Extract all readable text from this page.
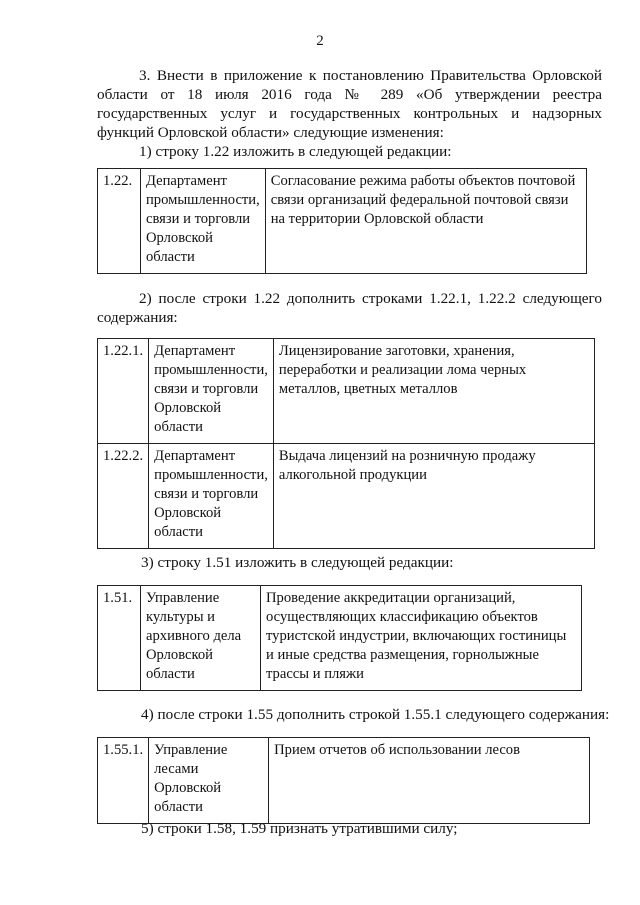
2
3. Внести в приложение к постановлению Правительства Орловской области от 18 июля 2016 года № 289 «Об утверждении реестра государственных услуг и государственных контрольных и надзорных функций Орловской области» следующие изменения:
1) строку 1.22 изложить в следующей редакции:
1.22.	Департамент промышленности, связи и торговли Орловской области	Согласование режима работы объектов почтовой связи организаций федеральной почтовой связи на территории Орловской области
2) после строки 1.22 дополнить строками 1.22.1, 1.22.2 следующего содержания:
1.22.1.	Департамент промышленности, связи и торговли Орловской области	Лицензирование заготовки, хранения, переработки и реализации лома черных металлов, цветных металлов
1.22.2.	Департамент промышленности, связи и торговли Орловской области	Выдача лицензий на розничную продажу алкогольной продукции
3) строку 1.51 изложить в следующей редакции:
1.51.	Управление культуры и архивного дела Орловской области	Проведение аккредитации организаций, осуществляющих классификацию объектов туристской индустрии, включающих гостиницы и иные средства размещения, горнолыжные трассы и пляжи
4) после строки 1.55 дополнить строкой 1.55.1 следующего содержания:
1.55.1.	Управление лесами Орловской области	Прием отчетов об использовании лесов
5) строки 1.58, 1.59 признать утратившими силу;
